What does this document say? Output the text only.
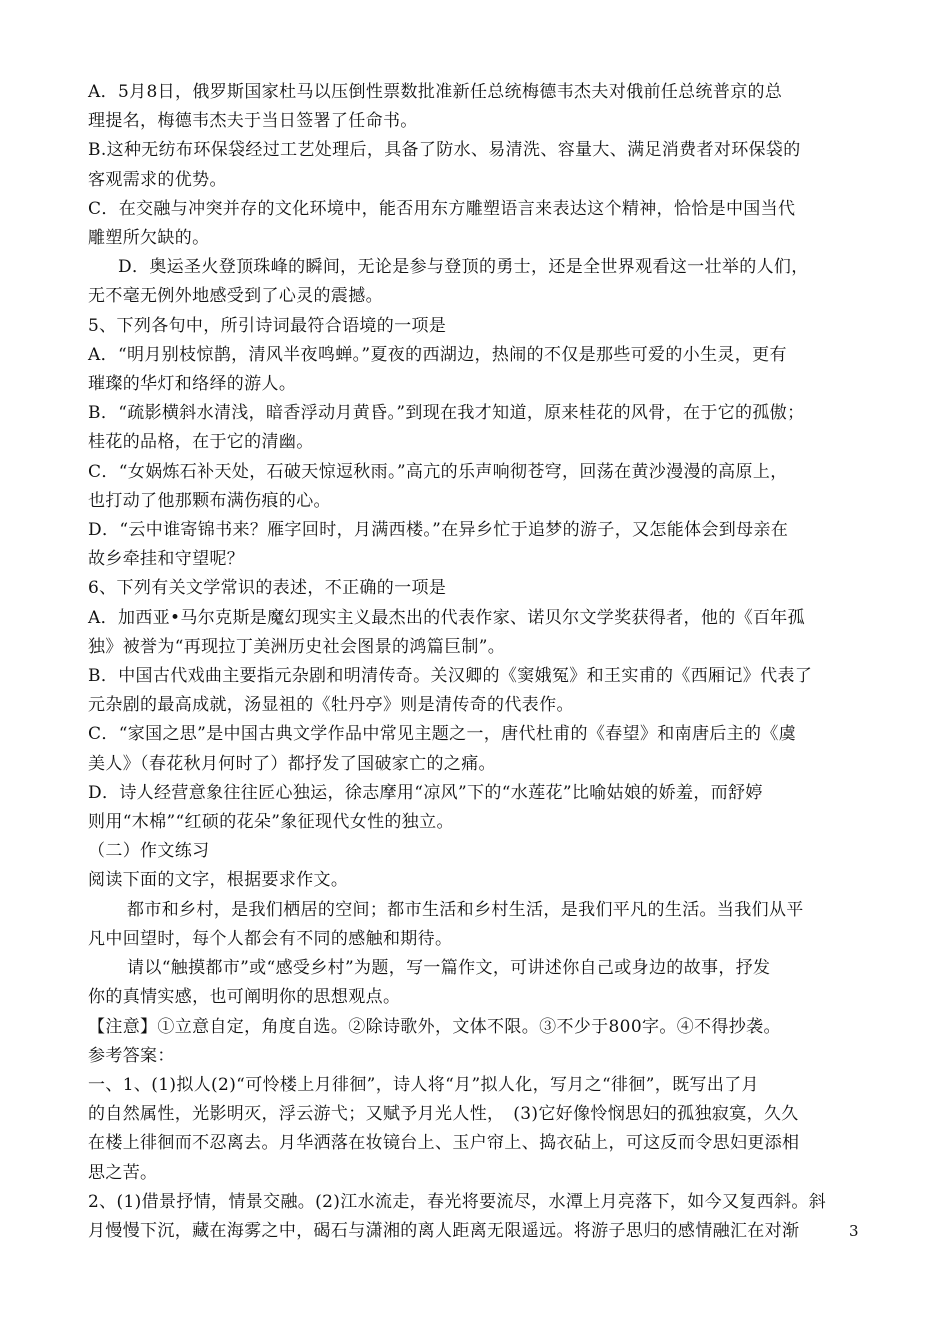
A．5月8日，俄罗斯国家杜马以压倒性票数批准新任总统梅德韦杰夫对俄前任总统普京的总

理提名，梅德韦杰夫于当日签署了任命书。

B.这种无纺布环保袋经过工艺处理后，具备了防水、易清洗、容量大、满足消费者对环保袋的

客观需求的优势。

C．在交融与冲突并存的文化环境中，能否用东方雕塑语言来表达这个精神，恰恰是中国当代

雕塑所欠缺的。

D．奥运圣火登顶珠峰的瞬间，无论是参与登顶的勇士，还是全世界观看这一壮举的人们，

无不毫无例外地感受到了心灵的震撼。

5、下列各句中，所引诗词最符合语境的一项是

A．“明月别枝惊鹊，清风半夜鸣蝉。”夏夜的西湖边，热闹的不仅是那些可爱的小生灵，更有

璀璨的华灯和络绎的游人。

B．“疏影横斜水清浅，暗香浮动月黄昏。”到现在我才知道，原来桂花的风骨，在于它的孤傲；

桂花的品格，在于它的清幽。

C．“女娲炼石补天处，石破天惊逗秋雨。”高亢的乐声响彻苍穹，回荡在黄沙漫漫的高原上，

也打动了他那颗布满伤痕的心。

D．“云中谁寄锦书来？雁字回时，月满西楼。”在异乡忙于追梦的游子，又怎能体会到母亲在

故乡牵挂和守望呢？

6、下列有关文学常识的表述，不正确的一项是

A．加西亚•马尔克斯是魔幻现实主义最杰出的代表作家、诺贝尔文学奖获得者，他的《百年孤

独》被誉为“再现拉丁美洲历史社会图景的鸿篇巨制”。

B．中国古代戏曲主要指元杂剧和明清传奇。关汉卿的《窦娥冤》和王实甫的《西厢记》代表了

元杂剧的最高成就，汤显祖的《牡丹亭》则是清传奇的代表作。

C．“家国之思”是中国古典文学作品中常见主题之一，唐代杜甫的《春望》和南唐后主的《虞

美人》（春花秋月何时了）都抒发了国破家亡的之痛。

D．诗人经营意象往往匠心独运，徐志摩用“凉风”下的“水莲花”比喻姑娘的娇羞，而舒婷

则用“木棉”“红硕的花朵”象征现代女性的独立。

（二）作文练习

阅读下面的文字，根据要求作文。

都市和乡村，是我们栖居的空间；都市生活和乡村生活，是我们平凡的生活。当我们从平

凡中回望时，每个人都会有不同的感触和期待。

请以“触摸都市”或“感受乡村”为题，写一篇作文，可讲述你自己或身边的故事，抒发

你的真情实感，也可阐明你的思想观点。

【注意】①立意自定，角度自选。②除诗歌外，文体不限。③不少于800字。④不得抄袭。

参考答案：

一、1、(1)拟人(2)“可怜楼上月徘徊”，诗人将“月”拟人化，写月之“徘徊”，既写出了月

的自然属性，光影明灭，浮云游弋；又赋予月光人性，　(3)它好像怜悯思妇的孤独寂寞，久久

在楼上徘徊而不忍离去。月华洒落在妆镜台上、玉户帘上、捣衣砧上，可这反而令思妇更添相

思之苦。

2、(1)借景抒情，情景交融。(2)江水流走，春光将要流尽，水潭上月亮落下，如今又复西斜。斜

月慢慢下沉，藏在海雾之中，碣石与潇湘的离人距离无限遥远。将游子思归的感情融汇在对渐	3
